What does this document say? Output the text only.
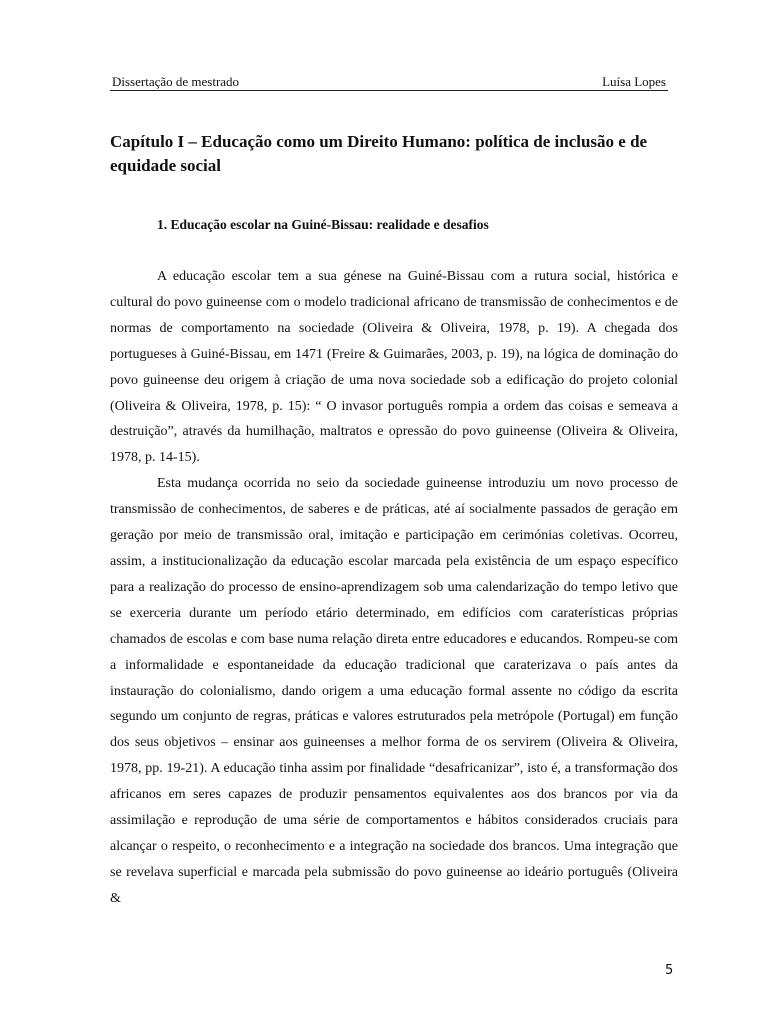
Dissertação de mestrado	Luísa Lopes
Capítulo I – Educação como um Direito Humano: política de inclusão e de equidade social
1. Educação escolar na Guiné-Bissau: realidade e desafios

A educação escolar tem a sua génese na Guiné-Bissau com a rutura social, histórica e cultural do povo guineense com o modelo tradicional africano de transmissão de conhecimentos e de normas de comportamento na sociedade (Oliveira & Oliveira, 1978, p. 19). A chegada dos portugueses à Guiné-Bissau, em 1471 (Freire & Guimarães, 2003, p. 19), na lógica de dominação do povo guineense deu origem à criação de uma nova sociedade sob a edificação do projeto colonial (Oliveira & Oliveira, 1978, p. 15): “ O invasor português rompia a ordem das coisas e semeava a destruição”, através da humilhação, maltratos e opressão do povo guineense (Oliveira & Oliveira, 1978, p. 14-15).

Esta mudança ocorrida no seio da sociedade guineense introduziu um novo processo de transmissão de conhecimentos, de saberes e de práticas, até aí socialmente passados de geração em geração por meio de transmissão oral, imitação e participação em cerimónias coletivas. Ocorreu, assim, a institucionalização da educação escolar marcada pela existência de um espaço específico para a realização do processo de ensino-aprendizagem sob uma calendarização do tempo letivo que se exerceria durante um período etário determinado, em edifícios com caraterísticas próprias chamados de escolas e com base numa relação direta entre educadores e educandos. Rompeu-se com a informalidade e espontaneidade da educação tradicional que caraterizava o país antes da instauração do colonialismo, dando origem a uma educação formal assente no código da escrita segundo um conjunto de regras, práticas e valores estruturados pela metrópole (Portugal) em função dos seus objetivos – ensinar aos guineenses a melhor forma de os servirem (Oliveira & Oliveira, 1978, pp. 19-21). A educação tinha assim por finalidade “desafricanizar”, isto é, a transformação dos africanos em seres capazes de produzir pensamentos equivalentes aos dos brancos por via da assimilação e reprodução de uma série de comportamentos e hábitos considerados cruciais para alcançar o respeito, o reconhecimento e a integração na sociedade dos brancos. Uma integração que se revelava superficial e marcada pela submissão do povo guineense ao ideário português (Oliveira &

5
